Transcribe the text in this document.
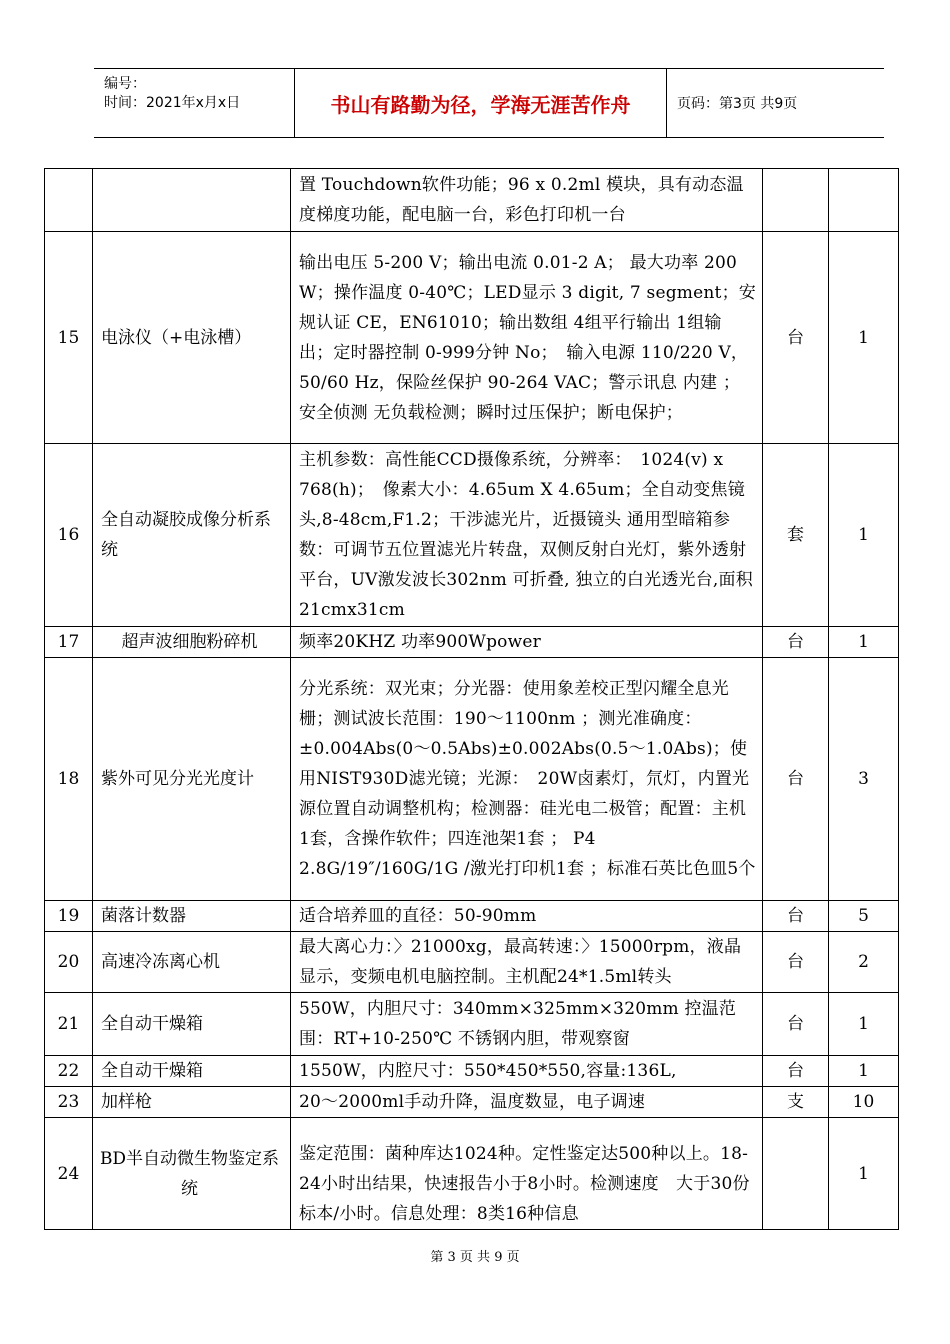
编号：
时间：2021年x月x日	书山有路勤为径，学海无涯苦作舟	页码：第3页 共9页
		置 Touchdown软件功能；96 x 0.2ml 模块，具有动态温度梯度功能，配电脑一台，彩色打印机一台		
15	电泳仪（+电泳槽）	输出电压 5-200 V；输出电流 0.01-2 A； 最大功率 200 W；操作温度 0-40℃；LED显示 3 digit, 7 segment；安规认证 CE，EN61010；输出数组 4组平行输出 1组输出；定时器控制 0-999分钟 No；　输入电源 110/220 V，50/60 Hz，保险丝保护 90-264 VAC；警示讯息 内建 ；安全侦测 无负载检测；瞬时过压保护；断电保护；	台	1
16	全自动凝胶成像分析系统	主机参数：高性能CCD摄像系统，分辨率：　1024(v) x 768(h)；　像素大小：4.65um X 4.65um；全自动变焦镜头,8-48cm,F1.2；干涉滤光片，近摄镜头 通用型暗箱参数：可调节五位置滤光片转盘，双侧反射白光灯，紫外透射平台，UV激发波长302nm 可折叠, 独立的白光透光台,面积21cmx31cm	套	1
17	超声波细胞粉碎机	频率20KHZ 功率900Wpower	台	1
18	紫外可见分光光度计	分光系统：双光束；分光器：使用象差校正型闪耀全息光栅；测试波长范围：190～1100nm ；测光准确度：±0.004Abs(0～0.5Abs)±0.002Abs(0.5～1.0Abs)；使用NIST930D滤光镜；光源：　20W卤素灯，氘灯，内置光源位置自动调整机构；检测器：硅光电二极管；配置：主机1套，含操作软件；四连池架1套 ； P4 2.8G/19″/160G/1G /激光打印机1套 ；标准石英比色皿5个	台	3
19	菌落计数器	适合培养皿的直径：50-90mm	台	5
20	高速冷冻离心机	最大离心力：〉21000xg，最高转速：〉15000rpm，液晶显示，变频电机电脑控制。主机配24*1.5ml转头	台	2
21	全自动干燥箱	550W，内胆尺寸：340mm×325mm×320mm 控温范围：RT+10-250℃ 不锈钢内胆，带观察窗	台	1
22	全自动干燥箱	1550W，内腔尺寸：550*450*550,容量:136L,	台	1
23	加样枪	20～2000ml手动升降，温度数显，电子调速	支	10
24	BD半自动微生物鉴定系统	鉴定范围：菌种库达1024种。定性鉴定达500种以上。18-24小时出结果，快速报告小于8小时。检测速度　大于30份标本/小时。信息处理：8类16种信息		1
第 3 页 共 9 页
